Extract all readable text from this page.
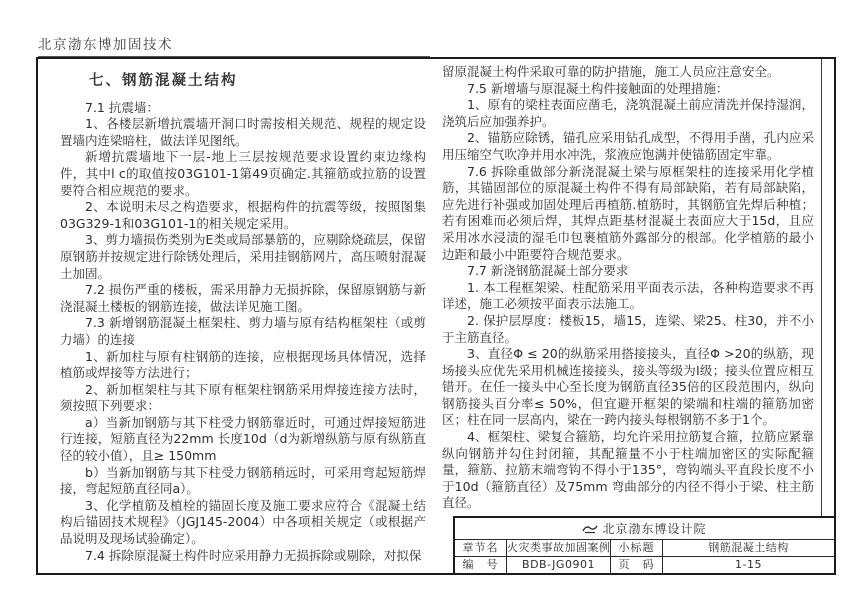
北京渤东博加固技术

七、钢筋混凝土结构

7.1 抗震墙：

1、各楼层新增抗震墙开洞口时需按相关规范、规程的规定设置墙内连梁暗柱，做法详见图纸。

新增抗震墙地下一层-地上三层按规范要求设置约束边缘构件，其中l c的取值按03G101-1第49页确定.其箍筋或拉筋的设置要符合相应规范的要求。

2、本说明未尽之构造要求，根据构件的抗震等级，按照图集03G329-1和03G101-1的相关规定采用。

3、剪力墙损伤类别为E类或局部暴筋的，应剔除烧疏层，保留原钢筋并按规定进行除锈处理后，采用挂钢筋网片，高压喷射混凝土加固。

7.2 损伤严重的楼板，需采用静力无损拆除，保留原钢筋与新浇混凝土楼板的钢筋连接，做法详见施工图。

7.3 新增钢筋混凝土框架柱、剪力墙与原有结构框架柱（或剪力墙）的连接

1、新加柱与原有柱钢筋的连接，应根据现场具体情况，选择植筋或焊接等方法进行；

2、新加框架柱与其下原有框架柱钢筋采用焊接连接方法时，须按照下列要求：

a）当新加钢筋与其下柱受力钢筋靠近时，可通过焊接短筋进行连接，短筋直径为22mm 长度10d（d为新增纵筋与原有纵筋直径的较小值），且≥ 150mm

b）当新加钢筋与其下柱受力钢筋稍远时，可采用弯起短筋焊接，弯起短筋直径同a）。

3、化学植筋及植栓的锚固长度及施工要求应符合《混凝土结构后锚固技术规程》（JGJ145-2004）中各项相关规定（或根据产品说明及现场试验确定）。

7.4 拆除原混凝土构件时应采用静力无损拆除或剔除，对拟保

留原混凝土构件采取可靠的防护措施，施工人员应注意安全。

7.5 新增墙与原混凝土构件接触面的处理措施：

1、原有的梁柱表面应凿毛，浇筑混凝土前应清洗并保持湿润，浇筑后应加强养护。

2、锚筋应除锈，锚孔应采用钻孔成型，不得用手凿，孔内应采用压缩空气吹净并用水冲洗，浆液应饱满并使锚筋固定牢靠。

7.6 拆除重做部分新浇混凝土梁与原框架柱的连接采用化学植筋，其锚固部位的原混凝土构件不得有局部缺陷，若有局部缺陷，应先进行补强或加固处理后再植筋.植筋时，其钢筋宜先焊后种植；若有困难而必须后焊，其焊点距基材混凝土表面应大于15d，且应采用冰水浸渍的湿毛巾包裹植筋外露部分的根部。化学植筋的最小边距和最小中距要符合规范要求。

7.7 新浇钢筋混凝土部分要求

1. 本工程框架梁、柱配筋采用平面表示法，各种构造要求不再详述，施工必须按平面表示法施工。

2. 保护层厚度：楼板15，墙15，连梁、梁25、柱30，并不小于主筋直径。

3、直径Φ ≤ 20的纵筋采用搭接接头，直径Φ >20的纵筋，现场接头应优先采用机械连接接头，接头等级为Ⅰ级；接头位置应相互错开。在任一接头中心至长度为钢筋直径35倍的区段范围内，纵向钢筋接头百分率≤ 50%，但宜避开框架的梁端和柱端的箍筋加密区；柱在同一层高内，梁在一跨内接头每根钢筋不多于1个。

4、框架柱、梁复合箍筋，均允许采用拉筋复合箍，拉筋应紧靠纵向钢筋并勾住封闭箍，其配箍量不小于柱端加密区的实际配箍量，箍筋、拉筋末端弯钩不得小于135°，弯钩端头平直段长度不小于10d（箍筋直径）及75mm 弯曲部分的内径不得小于梁、柱主筋直径。

北京渤东博设计院
章节名 火灾类事故加固案例 小标题	钢筋混凝土结构
编　号	BDB-JG0901	页　码	1-15
